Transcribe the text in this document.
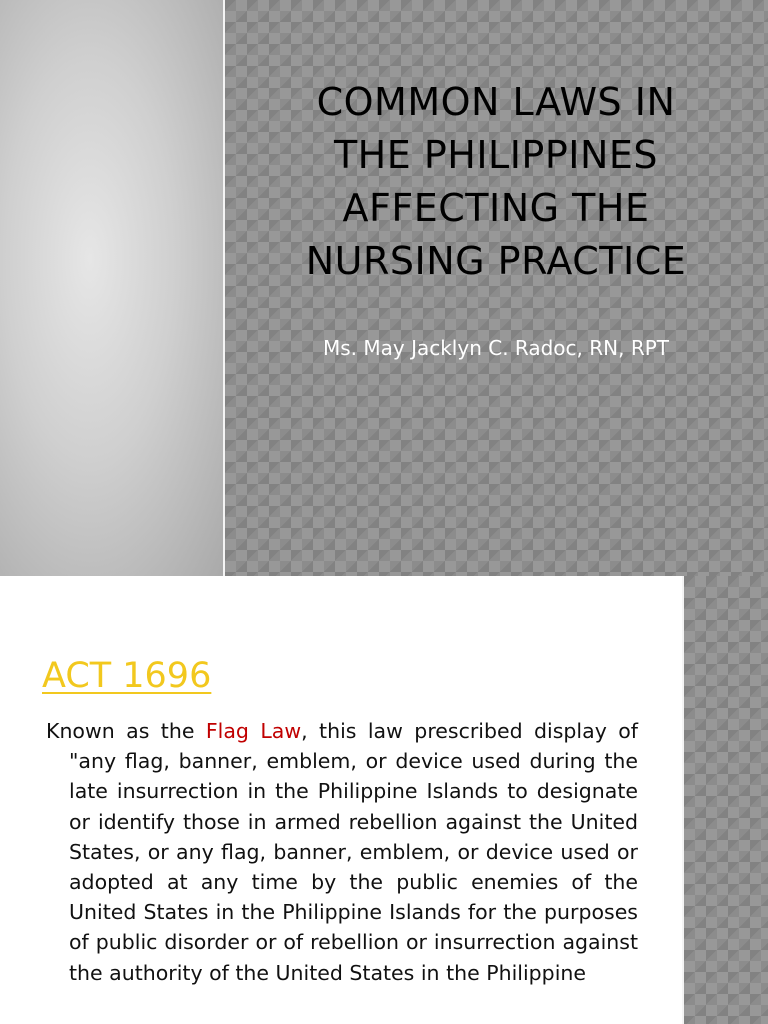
COMMON LAWS IN
THE PHILIPPINES
AFFECTING THE
NURSING PRACTICE
Ms. May Jacklyn C. Radoc, RN, RPT
ACT 1696

Known as the Flag Law, this law prescribed display of "any flag, banner, emblem, or device used during the late insurrection in the Philippine Islands to designate or identify those in armed rebellion against the United States, or any flag, banner, emblem, or device used or adopted at any time by the public enemies of the United States in the Philippine Islands for the purposes of public disorder or of rebellion or insurrection against the authority of the United States in the Philippine
